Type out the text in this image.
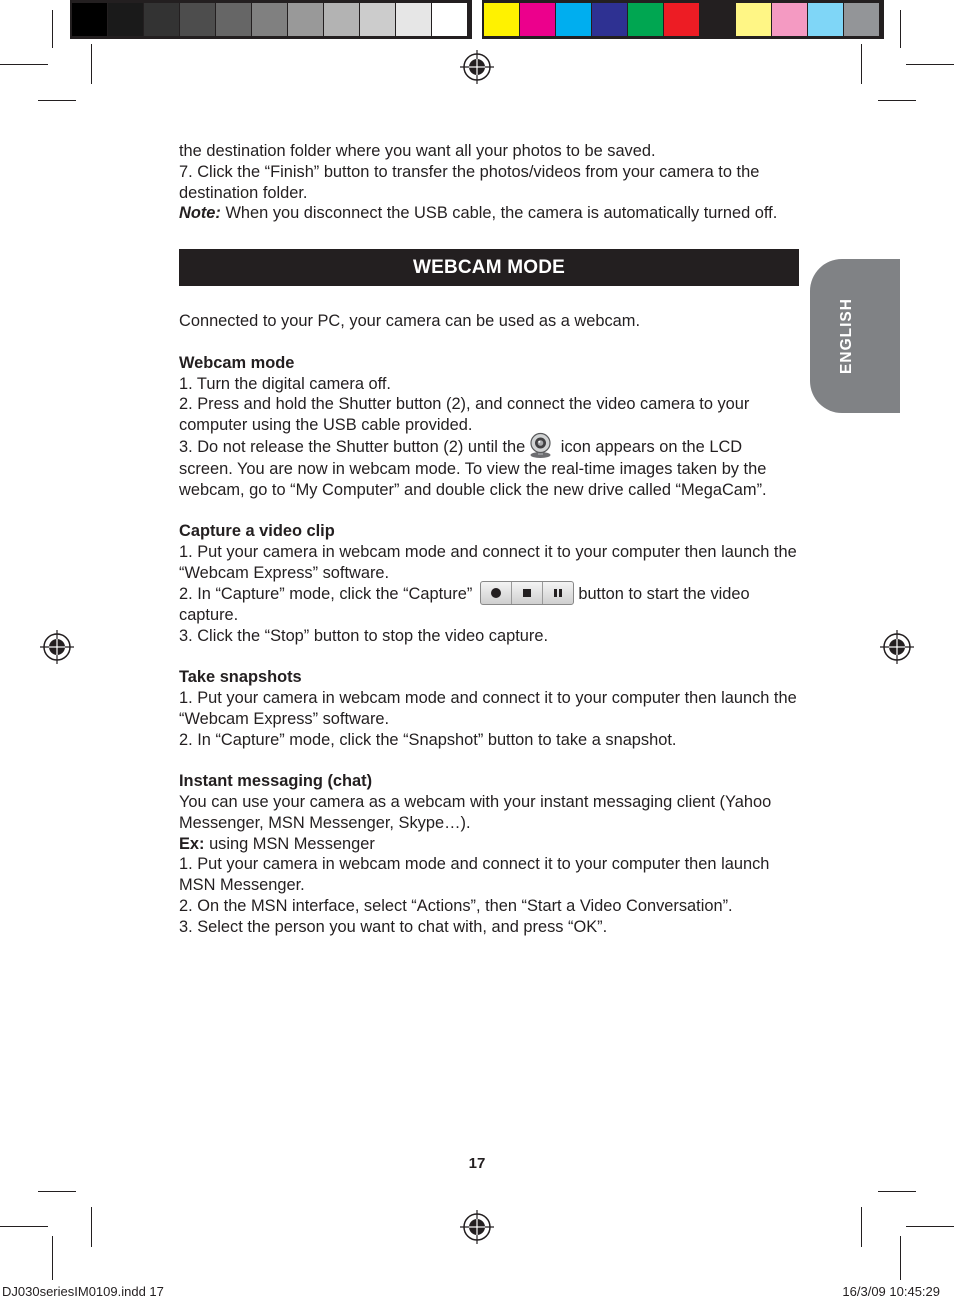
ENGLISH

the destination folder where you want all your photos to be saved.

7. Click the “Finish” button to transfer the photos/videos from your camera to the destination folder.

Note: When you disconnect the USB cable, the camera is automatically turned off.

WEBCAM MODE

Connected to your PC, your camera can be used as a webcam.

Webcam mode

1. Turn the digital camera off.

2. Press and hold the Shutter button (2), and connect the video camera to your computer using the USB cable provided.

3. Do not release the Shutter button (2) until the icon appears on the LCD screen. You are now in webcam mode. To view the real-time images taken by the webcam, go to “My Computer” and double click the new drive called “MegaCam”.

Capture a video clip

1. Put your camera in webcam mode and connect it to your computer then launch the “Webcam Express” software.

2. In “Capture” mode, click the “Capture”	button to start the video capture.

3. Click the “Stop” button to stop the video capture.

Take snapshots

1. Put your camera in webcam mode and connect it to your computer then launch the “Webcam Express” software.

2. In “Capture” mode, click the “Snapshot” button to take a snapshot.

Instant messaging (chat)

You can use your camera as a webcam with your instant messaging client (Yahoo Messenger, MSN Messenger, Skype…).

Ex: using MSN Messenger

1. Put your camera in webcam mode and connect it to your computer then launch MSN Messenger.

2. On the MSN interface, select “Actions”, then “Start a Video Conversation”.

3. Select the person you want to chat with, and press “OK”.

17
DJ030seriesIM0109.indd 17	16/3/09 10:45:29
